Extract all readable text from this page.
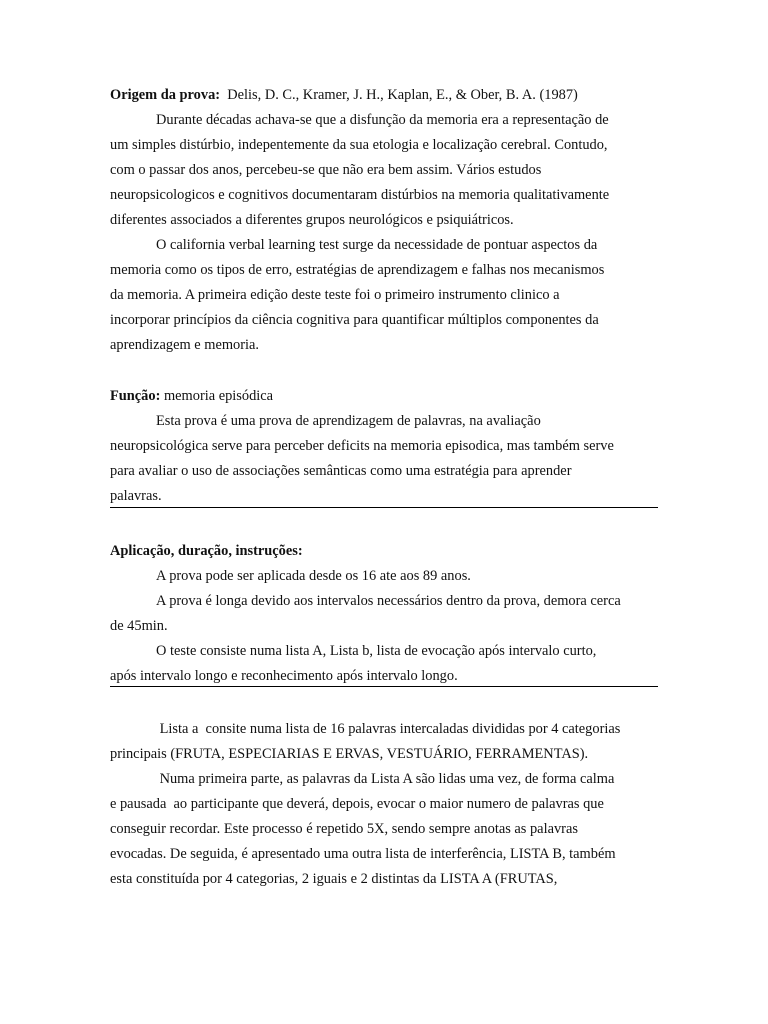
Origem da prova:  Delis, D. C., Kramer, J. H., Kaplan, E., & Ober, B. A. (1987)
Durante décadas achava-se que a disfunção da memoria era a representação de
um simples distúrbio, indepentemente da sua etologia e localização cerebral. Contudo,
com o passar dos anos, percebeu-se que não era bem assim. Vários estudos
neuropsicologicos e cognitivos documentaram distúrbios na memoria qualitativamente
diferentes associados a diferentes grupos neurológicos e psiquiátricos.
O california verbal learning test surge da necessidade de pontuar aspectos da
memoria como os tipos de erro, estratégias de aprendizagem e falhas nos mecanismos
da memoria. A primeira edição deste teste foi o primeiro instrumento clinico a
incorporar princípios da ciência cognitiva para quantificar múltiplos componentes da
aprendizagem e memoria.
Função: memoria episódica
Esta prova é uma prova de aprendizagem de palavras, na avaliação
neuropsicológica serve para perceber deficits na memoria episodica, mas também serve
para avaliar o uso de associações semânticas como uma estratégia para aprender
palavras.
Aplicação, duração, instruções:
A prova pode ser aplicada desde os 16 ate aos 89 anos.
A prova é longa devido aos intervalos necessários dentro da prova, demora cerca
de 45min.
O teste consiste numa lista A, Lista b, lista de evocação após intervalo curto,
após intervalo longo e reconhecimento após intervalo longo.
Lista a  consite numa lista de 16 palavras intercaladas divididas por 4 categorias
principais (FRUTA, ESPECIARIAS E ERVAS, VESTUÁRIO, FERRAMENTAS).
Numa primeira parte, as palavras da Lista A são lidas uma vez, de forma calma
e pausada  ao participante que deverá, depois, evocar o maior numero de palavras que
conseguir recordar. Este processo é repetido 5X, sendo sempre anotas as palavras
evocadas. De seguida, é apresentado uma outra lista de interferência, LISTA B, também
esta constituída por 4 categorias, 2 iguais e 2 distintas da LISTA A (FRUTAS,
